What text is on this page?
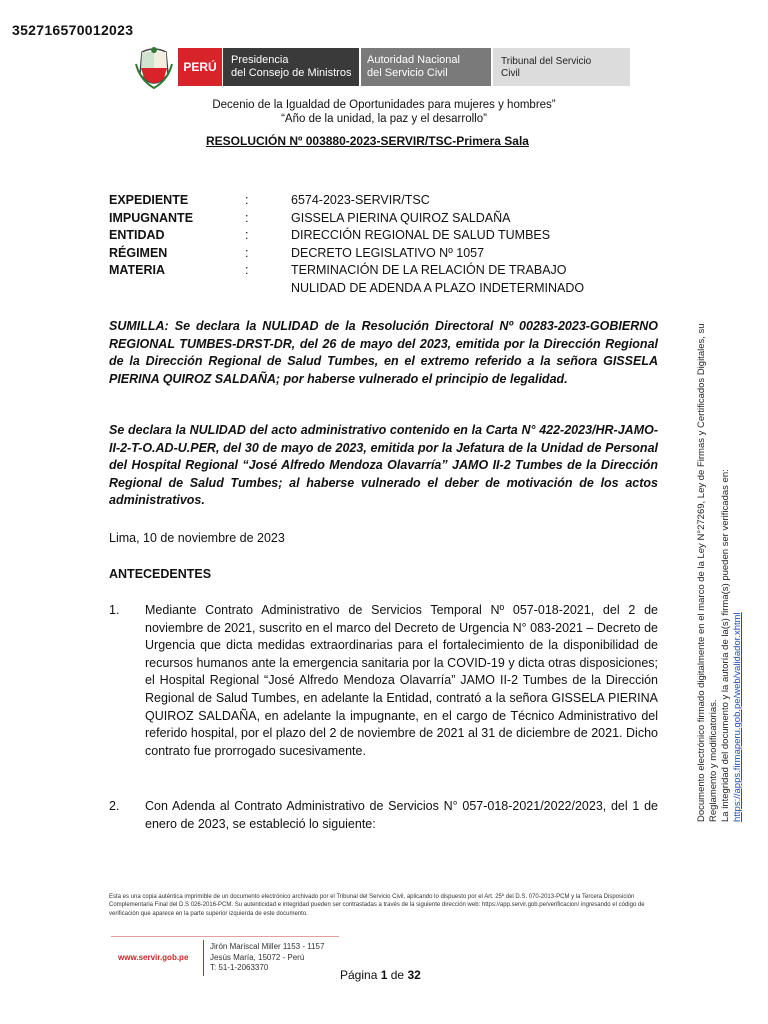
352716570012023
PERÚ Presidencia
del Consejo de Ministros
Autoridad Nacional
del Servicio Civil
Tribunal del Servicio
Civil
Decenio de la Igualdad de Oportunidades para mujeres y hombres”
“Año de la unidad, la paz y el desarrollo”
RESOLUCIÓN Nº 003880-2023-SERVIR/TSC-Primera Sala
EXPEDIENTE	:	6574-2023-SERVIR/TSC
IMPUGNANTE	:	GISSELA PIERINA QUIROZ SALDAÑA
ENTIDAD	:	DIRECCIÓN REGIONAL DE SALUD TUMBES
RÉGIMEN	:	DECRETO LEGISLATIVO Nº 1057
MATERIA	:	TERMINACIÓN DE LA RELACIÓN DE TRABAJO
NULIDAD DE ADENDA A PLAZO INDETERMINADO
SUMILLA: Se declara la NULIDAD de la Resolución Directoral Nº 00283-2023-GOBIERNO REGIONAL TUMBES-DRST-DR, del 26 de mayo del 2023, emitida por la Dirección Regional de la Dirección Regional de Salud Tumbes, en el extremo referido a la señora GISSELA PIERINA QUIROZ SALDAÑA; por haberse vulnerado el principio de legalidad.
Se declara la NULIDAD del acto administrativo contenido en la Carta N° 422-2023/HR-JAMO-II-2-T-O.AD-U.PER, del 30 de mayo de 2023, emitida por la Jefatura de la Unidad de Personal del Hospital Regional “José Alfredo Mendoza Olavarría” JAMO II-2 Tumbes de la Dirección Regional de Salud Tumbes; al haberse vulnerado el deber de motivación de los actos administrativos.
Lima, 10 de noviembre de 2023
ANTECEDENTES
1.	Mediante Contrato Administrativo de Servicios Temporal Nº 057-018-2021, del 2 de noviembre de 2021, suscrito en el marco del Decreto de Urgencia N° 083-2021 – Decreto de Urgencia que dicta medidas extraordinarias para el fortalecimiento de la disponibilidad de recursos humanos ante la emergencia sanitaria por la COVID-19 y dicta otras disposiciones; el Hospital Regional “José Alfredo Mendoza Olavarría” JAMO II-2 Tumbes de la Dirección Regional de Salud Tumbes, en adelante la Entidad, contrató a la señora GISSELA PIERINA QUIROZ SALDAÑA, en adelante la impugnante, en el cargo de Técnico Administrativo del referido hospital, por el plazo del 2 de noviembre de 2021 al 31 de diciembre de 2021. Dicho contrato fue prorrogado sucesivamente.
2.	Con Adenda al Contrato Administrativo de Servicios N° 057-018-2021/2022/2023, del 1 de enero de 2023, se estableció lo siguiente:
Documento electrónico firmado digitalmente en el marco de la Ley N°27269, Ley de Firmas y Certificados Digitales, su Reglamento y modificatorias. La integridad del documento y la autoría de la(s) firma(s) pueden ser verificadas en: https://apps.firmaperu.gob.pe/web/validador.xhtml
Esta es una copia auténtica imprimible de un documento electrónico archivado por el Tribunal del Servicio Civil, aplicando lo dispuesto por el Art. 25º del D.S. 070-2013-PCM y la Tercera Disposición Complementaria Final del D.S 026-2016-PCM. Su autenticidad e integridad pueden ser contrastadas a través de la siguiente dirección web: https://app.servir.gob.pe/verificacion/ ingresando el código de verificación que aparece en la parte superior izquierda de este documento.
www.servir.gob.pe
Jirón Mariscal Miller 1153 - 1157
Jesús María, 15072 - Perú
T: 51-1-2063370
Página 1 de 32
